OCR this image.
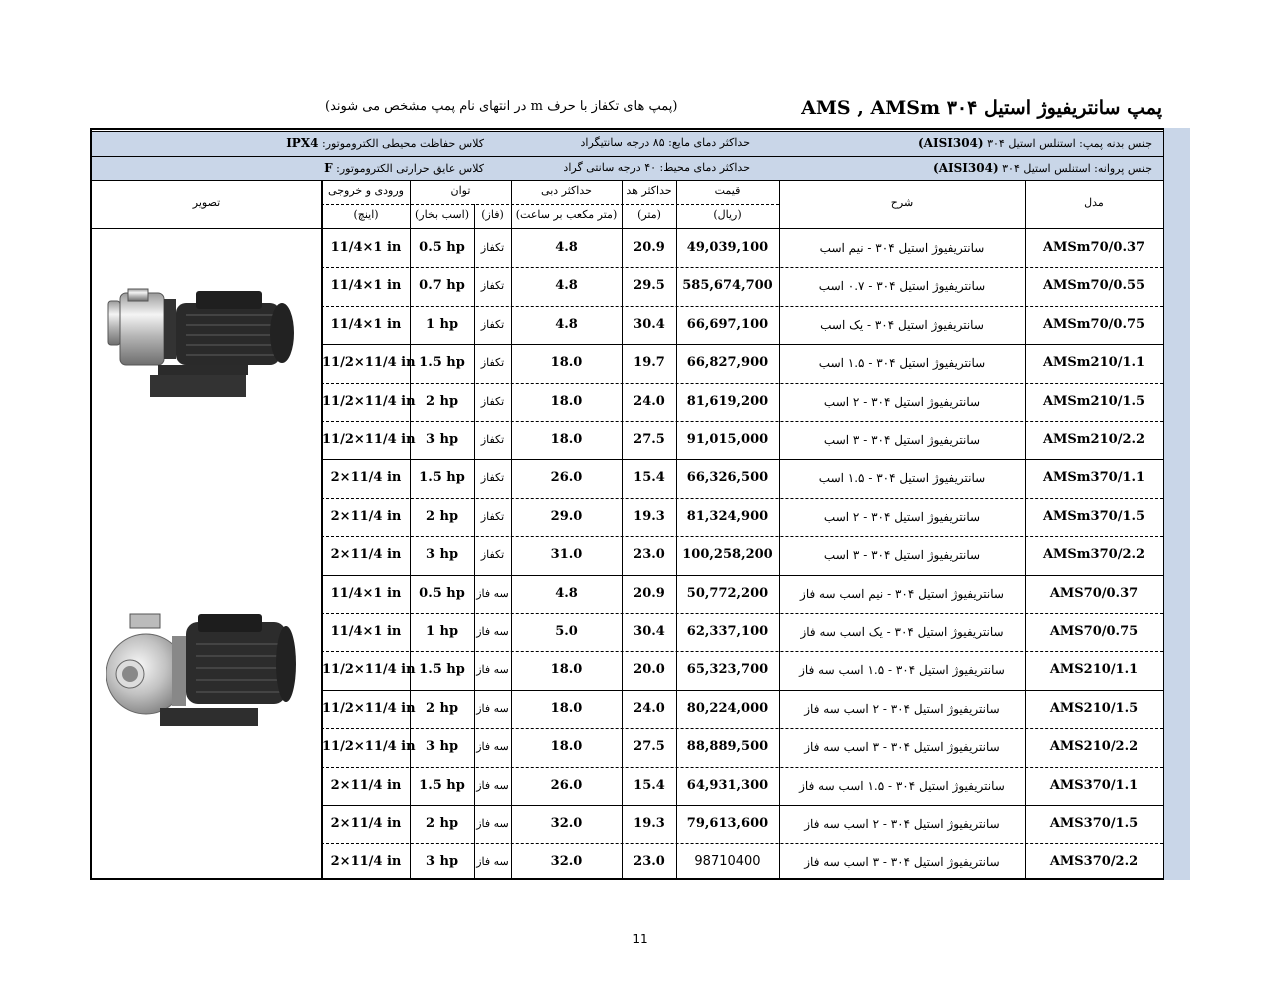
پمپ سانتریفیوژ استیل ۳۰۴ AMS , AMSm
(پمپ های تکفاز با حرف m در انتهای نام پمپ مشخص می شوند)
جنس بدنه پمپ: استنلس استیل ۳۰۴ (AISI304)
جنس پروانه: استنلس استیل ۳۰۴ (AISI304)
حداکثر دمای مایع: ۸۵ درجه سانتیگراد
حداکثر دمای محیط: ۴۰ درجه سانتی گراد
کلاس حفاظت محیطی الکتروموتور: IPX4
کلاس عایق حرارتی الکتروموتور: F
مدل
شرح
قیمت
(ریال)
حداکثر هد
(متر)
حداکثر دبی
(متر مکعب بر ساعت)
توان
(فاز)
(اسب بخار)
ورودی و خروجی
(اینچ)
تصویر
AMSm70/0.37
سانتریفیوژ استیل ۳۰۴ - نیم اسب
49,039,100
20.9
4.8
تکفاز
0.5 hp
11/4×1 in
AMSm70/0.55
سانتریفیوژ استیل ۳۰۴ - ۰.۷ اسب
585,674,700
29.5
4.8
تکفاز
0.7 hp
11/4×1 in
AMSm70/0.75
سانتریفیوژ استیل ۳۰۴ - یک اسب
66,697,100
30.4
4.8
تکفاز
1 hp
11/4×1 in
AMSm210/1.1
سانتریفیوژ استیل ۳۰۴ - ۱.۵ اسب
66,827,900
19.7
18.0
تکفاز
1.5 hp
11/2×11/4 in
AMSm210/1.5
سانتریفیوژ استیل ۳۰۴ - ۲ اسب
81,619,200
24.0
18.0
تکفاز
2 hp
11/2×11/4 in
AMSm210/2.2
سانتریفیوژ استیل ۳۰۴ - ۳ اسب
91,015,000
27.5
18.0
تکفاز
3 hp
11/2×11/4 in
AMSm370/1.1
سانتریفیوژ استیل ۳۰۴ - ۱.۵ اسب
66,326,500
15.4
26.0
تکفاز
1.5 hp
2×11/4 in
AMSm370/1.5
سانتریفیوژ استیل ۳۰۴ - ۲ اسب
81,324,900
19.3
29.0
تکفاز
2 hp
2×11/4 in
AMSm370/2.2
سانتریفیوژ استیل ۳۰۴ - ۳ اسب
100,258,200
23.0
31.0
تکفاز
3 hp
2×11/4 in
AMS70/0.37
سانتریفیوژ استیل ۳۰۴ - نیم اسب سه فاز
50,772,200
20.9
4.8
سه فاز
0.5 hp
11/4×1 in
AMS70/0.75
سانتریفیوژ استیل ۳۰۴ - یک اسب سه فاز
62,337,100
30.4
5.0
سه فاز
1 hp
11/4×1 in
AMS210/1.1
سانتریفیوژ استیل ۳۰۴ - ۱.۵ اسب سه فاز
65,323,700
20.0
18.0
سه فاز
1.5 hp
11/2×11/4 in
AMS210/1.5
سانتریفیوژ استیل ۳۰۴ - ۲ اسب سه فاز
80,224,000
24.0
18.0
سه فاز
2 hp
11/2×11/4 in
AMS210/2.2
سانتریفیوژ استیل ۳۰۴ - ۳ اسب سه فاز
88,889,500
27.5
18.0
سه فاز
3 hp
11/2×11/4 in
AMS370/1.1
سانتریفیوژ استیل ۳۰۴ - ۱.۵ اسب سه فاز
64,931,300
15.4
26.0
سه فاز
1.5 hp
2×11/4 in
AMS370/1.5
سانتریفیوژ استیل ۳۰۴ - ۲ اسب سه فاز
79,613,600
19.3
32.0
سه فاز
2 hp
2×11/4 in
AMS370/2.2
سانتریفیوژ استیل ۳۰۴ - ۳ اسب سه فاز
98710400
23.0
32.0
سه فاز
3 hp
2×11/4 in
11
